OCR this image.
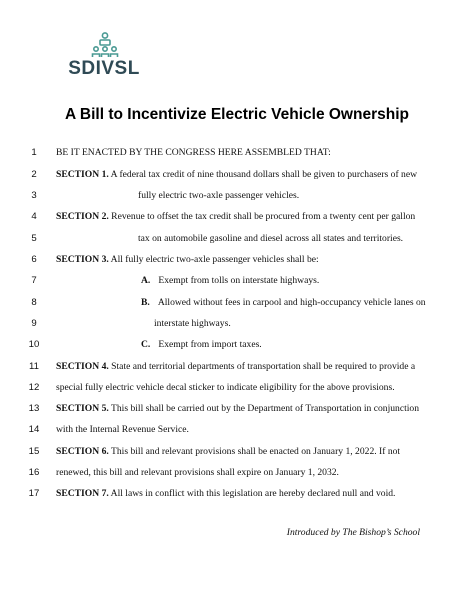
SDIVSL
A Bill to Incentivize Electric Vehicle Ownership
1	BE IT ENACTED BY THE CONGRESS HERE ASSEMBLED THAT:
2	SECTION 1. A federal tax credit of nine thousand dollars shall be given to purchasers of new
3	fully electric two-axle passenger vehicles.
4	SECTION 2. Revenue to offset the tax credit shall be procured from a twenty cent per gallon
5	tax on automobile gasoline and diesel across all states and territories.
6	SECTION 3. All fully electric two-axle passenger vehicles shall be:
7	A. Exempt from tolls on interstate highways.
8	B. Allowed without fees in carpool and high-occupancy vehicle lanes on
9	interstate highways.
10	C. Exempt from import taxes.
11	SECTION 4. State and territorial departments of transportation shall be required to provide a
12 special fully electric vehicle decal sticker to indicate eligibility for the above provisions.
13 SECTION 5. This bill shall be carried out by the Department of Transportation in conjunction
14 with the Internal Revenue Service.
15 SECTION 6. This bill and relevant provisions shall be enacted on January 1, 2022. If not
16 renewed, this bill and relevant provisions shall expire on January 1, 2032.
17 SECTION 7. All laws in conflict with this legislation are hereby declared null and void.
Introduced by The Bishop’s School
